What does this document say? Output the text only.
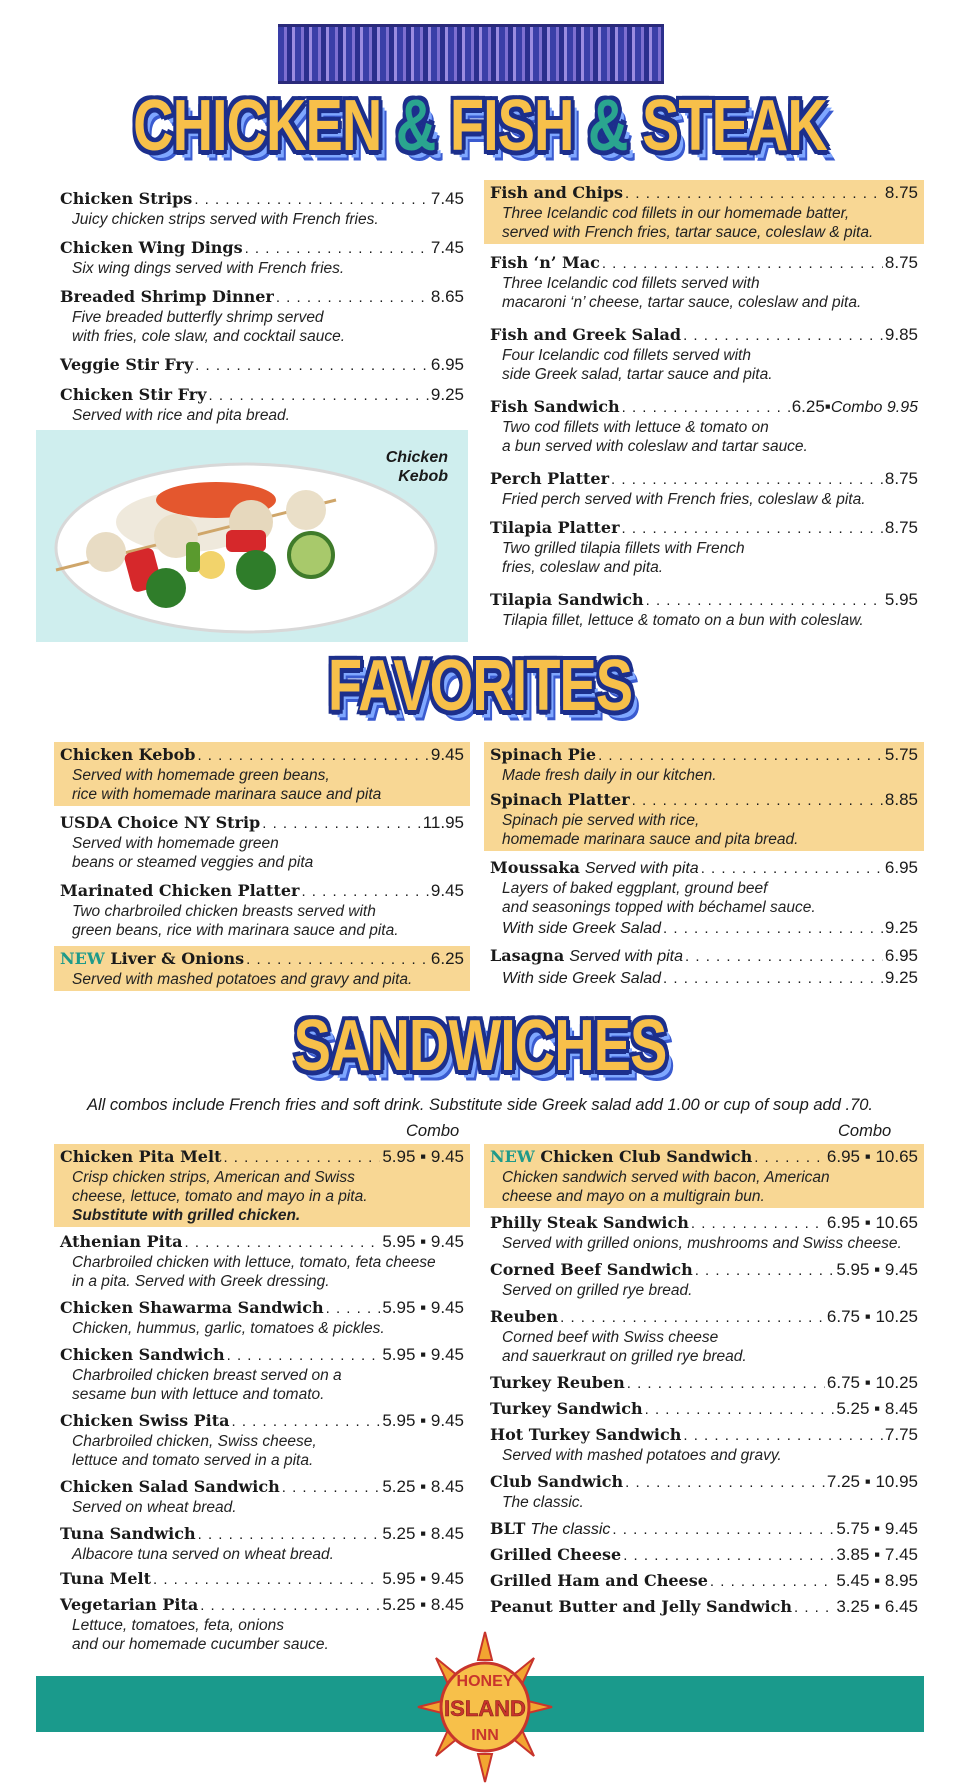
CHICKEN & FISH & STEAK
Chicken Strips . . .	7.45
Juicy chicken strips served with French fries.
Chicken Wing Dings . . .	7.45
Six wing dings served with French fries.
Breaded Shrimp Dinner . . .	8.65
Five breaded butterfly shrimp served
with fries, cole slaw, and cocktail sauce.
Veggie Stir Fry . . .	6.95
Chicken Stir Fry . . .	9.25
Served with rice and pita bread.
Chicken
Kebob
Fish and Chips . . .	8.75
Three Icelandic cod fillets in our homemade batter,
served with French fries, tartar sauce, coleslaw & pita.
Fish ‘n’ Mac . . .	8.75
Three Icelandic cod fillets served with
macaroni ‘n’ cheese, tartar sauce, coleslaw and pita.
Fish and Greek Salad . . .	9.85
Four Icelandic cod fillets served with
side Greek salad, tartar sauce and pita.
Fish Sandwich . . .	6.25 ▪ Combo 9.95
Two cod fillets with lettuce & tomato on
a bun served with coleslaw and tartar sauce.
Perch Platter . . .	8.75
Fried perch served with French fries, coleslaw & pita.
Tilapia Platter . . .	8.75
Two grilled tilapia fillets with French
fries, coleslaw and pita.
Tilapia Sandwich . . .	5.95
Tilapia fillet, lettuce & tomato on a bun with coleslaw.
FAVORITES
Chicken Kebob . . .	9.45
Served with homemade green beans,
rice with homemade marinara sauce and pita
USDA Choice NY Strip . . .	11.95
Served with homemade green
beans or steamed veggies and pita
Marinated Chicken Platter . . .	9.45
Two charbroiled chicken breasts served with
green beans, rice with marinara sauce and pita.
NEW Liver & Onions . . .	6.25
Served with mashed potatoes and gravy and pita.
Spinach Pie . . .	5.75
Made fresh daily in our kitchen.
Spinach Platter . . .	8.85
Spinach pie served with rice,
homemade marinara sauce and pita bread.
Moussaka Served with pita . . .	6.95
Layers of baked eggplant, ground beef
and seasonings topped with béchamel sauce.
With side Greek Salad . . .	9.25
Lasagna Served with pita . . .	6.95
With side Greek Salad . . .	9.25
SANDWICHES
All combos include French fries and soft drink. Substitute side Greek salad add 1.00 or cup of soup add .70.
Combo	Combo
Chicken Pita Melt . . .	5.95 ▪ 9.45
Crisp chicken strips, American and Swiss
cheese, lettuce, tomato and mayo in a pita.
Substitute with grilled chicken.
Athenian Pita . . .	5.95 ▪ 9.45
Charbroiled chicken with lettuce, tomato, feta cheese
in a pita. Served with Greek dressing.
Chicken Shawarma Sandwich . . .	5.95 ▪ 9.45
Chicken, hummus, garlic, tomatoes & pickles.
Chicken Sandwich . . .	5.95 ▪ 9.45
Charbroiled chicken breast served on a
sesame bun with lettuce and tomato.
Chicken Swiss Pita . . .	5.95 ▪ 9.45
Charbroiled chicken, Swiss cheese,
lettuce and tomato served in a pita.
Chicken Salad Sandwich . . .	5.25 ▪ 8.45
Served on wheat bread.
Tuna Sandwich . . .	5.25 ▪ 8.45
Albacore tuna served on wheat bread.
Tuna Melt . . .	5.95 ▪ 9.45
Vegetarian Pita . . .	5.25 ▪ 8.45
Lettuce, tomatoes, feta, onions
and our homemade cucumber sauce.
NEW Chicken Club Sandwich . . .	6.95 ▪ 10.65
Chicken sandwich served with bacon, American
cheese and mayo on a multigrain bun.
Philly Steak Sandwich . . .	6.95 ▪ 10.65
Served with grilled onions, mushrooms and Swiss cheese.
Corned Beef Sandwich . . .	5.95 ▪ 9.45
Served on grilled rye bread.
Reuben . . .	6.75 ▪ 10.25
Corned beef with Swiss cheese
and sauerkraut on grilled rye bread.
Turkey Reuben . . .	6.75 ▪ 10.25
Turkey Sandwich . . .	5.25 ▪ 8.45
Hot Turkey Sandwich . . .	7.75
Served with mashed potatoes and gravy.
Club Sandwich . . .	7.25 ▪ 10.95
The classic.
BLT The classic . . .	5.75 ▪ 9.45
Grilled Cheese . . .	3.85 ▪ 7.45
Grilled Ham and Cheese . . .	5.45 ▪ 8.95
Peanut Butter and Jelly Sandwich . . .	3.25 ▪ 6.45
HONEY
ISLAND
INN
